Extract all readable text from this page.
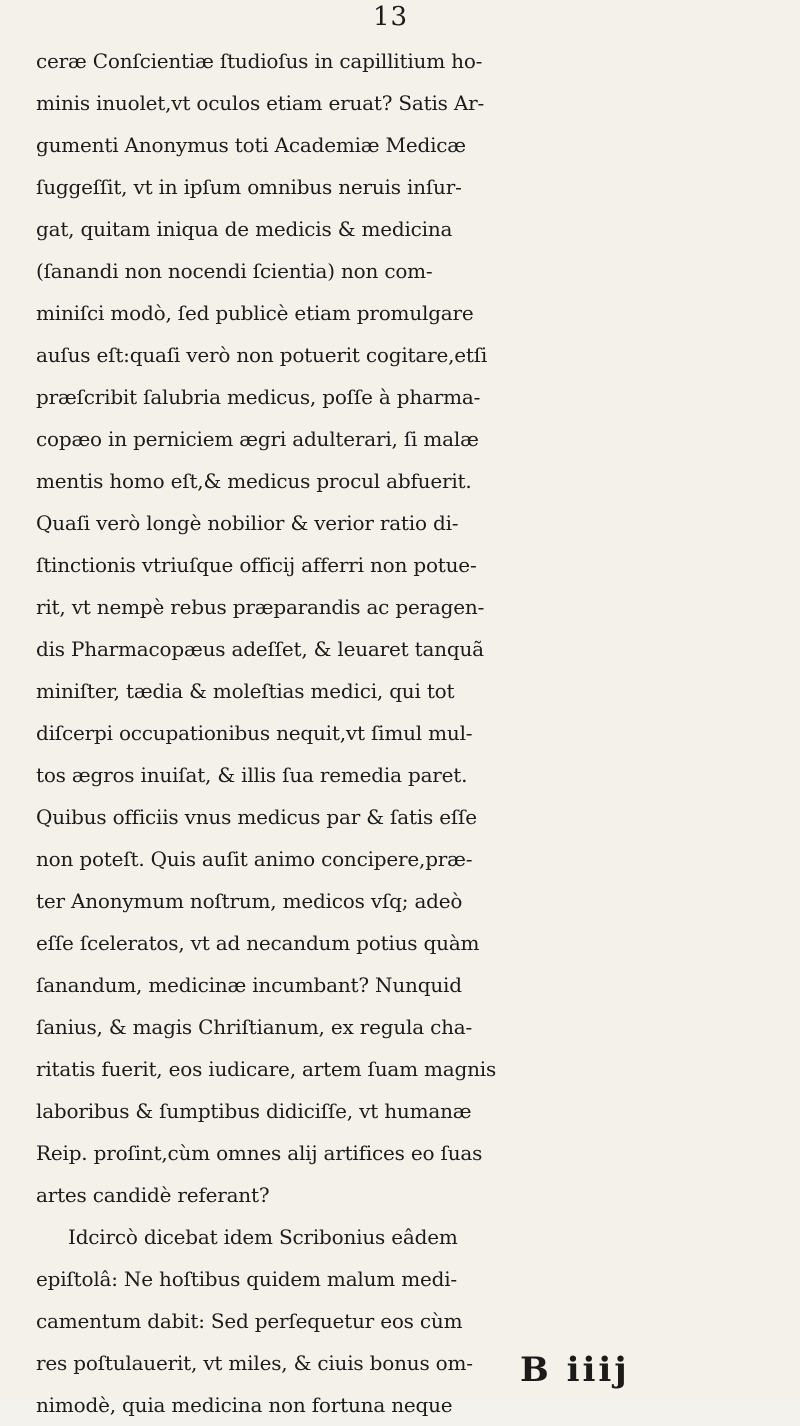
13
ceræ Conſcientiæ ſtudioſus in capillitium ho-
minis inuolet,vt oculos etiam eruat? Satis Ar-
gumenti Anonymus toti Academiæ Medicæ
ſuggeſſit, vt in ipſum omnibus neruis inſur-
gat, quitam iniqua de medicis & medicina
(ſanandi non nocendi ſcientia) non com-
miniſci modò, ſed publicè etiam promulgare
auſus eſt:quaſi verò non potuerit cogitare,etſi
præſcribit ſalubria medicus, poſſe à pharma-
copæo in perniciem ægri adulterari, ſi malæ
mentis homo eſt,& medicus procul abfuerit.
Quaſi verò longè nobilior & verior ratio di-
ſtinctionis vtriuſque officij afferri non potue-
rit, vt nempè rebus præparandis ac peragen-
dis Pharmacopæus adeſſet, & leuaret tanquã
miniſter, tædia & moleſtias medici, qui tot
diſcerpi occupationibus nequit,vt ſimul mul-
tos ægros inuiſat, & illis ſua remedia paret.
Quibus officiis vnus medicus par & ſatis eſſe
non poteſt. Quis auſit animo concipere,præ-
ter Anonymum noſtrum, medicos vſq; adeò
eſſe ſceleratos, vt ad necandum potius quàm
ſanandum, medicinæ incumbant? Nunquid
ſanius, & magis Chriſtianum, ex regula cha-
ritatis fuerit, eos iudicare, artem ſuam magnis
laboribus & ſumptibus didiciſſe, vt humanæ
Reip. proſint,cùm omnes alij artifices eo ſuas
artes candidè referant?
Idcircò dicebat idem Scribonius eâdem
epiſtolâ: Ne hoſtibus quidem malum medi-
camentum dabit: Sed perſequetur eos cùm
res poſtulauerit, vt miles, & ciuis bonus om-
nimodè, quia medicina non fortuna neque
B iiij
